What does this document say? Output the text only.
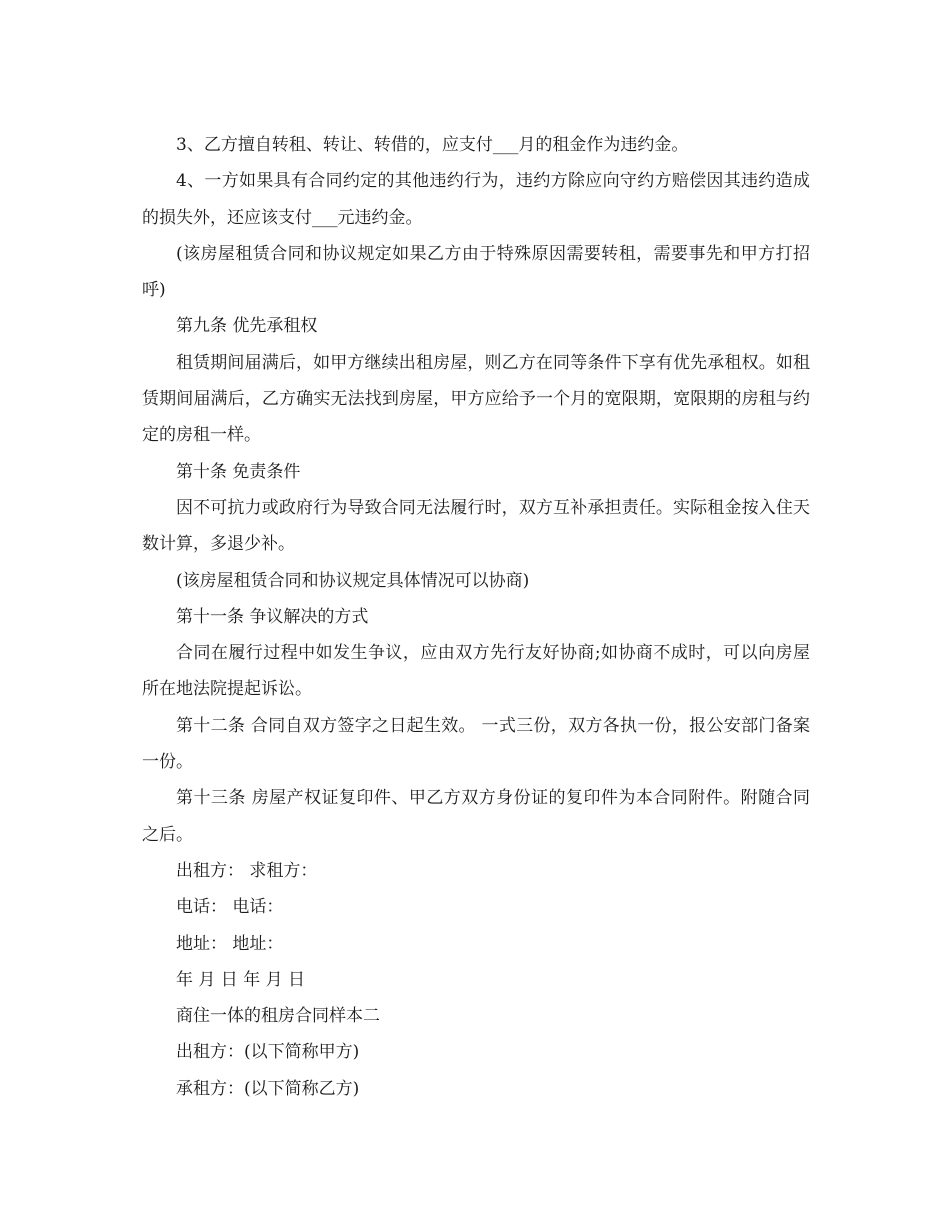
3、乙方擅自转租、转让、转借的，应支付___月的租金作为违约金。

4、一方如果具有合同约定的其他违约行为，违约方除应向守约方赔偿因其违约造成的损失外，还应该支付___元违约金。

(该房屋租赁合同和协议规定如果乙方由于特殊原因需要转租，需要事先和甲方打招呼)

第九条 优先承租权

租赁期间届满后，如甲方继续出租房屋，则乙方在同等条件下享有优先承租权。如租赁期间届满后，乙方确实无法找到房屋，甲方应给予一个月的宽限期，宽限期的房租与约定的房租一样。

第十条 免责条件

因不可抗力或政府行为导致合同无法履行时，双方互补承担责任。实际租金按入住天数计算，多退少补。

(该房屋租赁合同和协议规定具体情况可以协商)

第十一条 争议解决的方式

合同在履行过程中如发生争议，应由双方先行友好协商;如协商不成时，可以向房屋所在地法院提起诉讼。

第十二条 合同自双方签字之日起生效。 一式三份，双方各执一份，报公安部门备案一份。

第十三条 房屋产权证复印件、甲乙方双方身份证的复印件为本合同附件。附随合同之后。

出租方： 求租方：

电话： 电话：

地址： 地址：

年 月 日 年 月 日

商住一体的租房合同样本二

出租方：(以下简称甲方)

承租方：(以下简称乙方)
